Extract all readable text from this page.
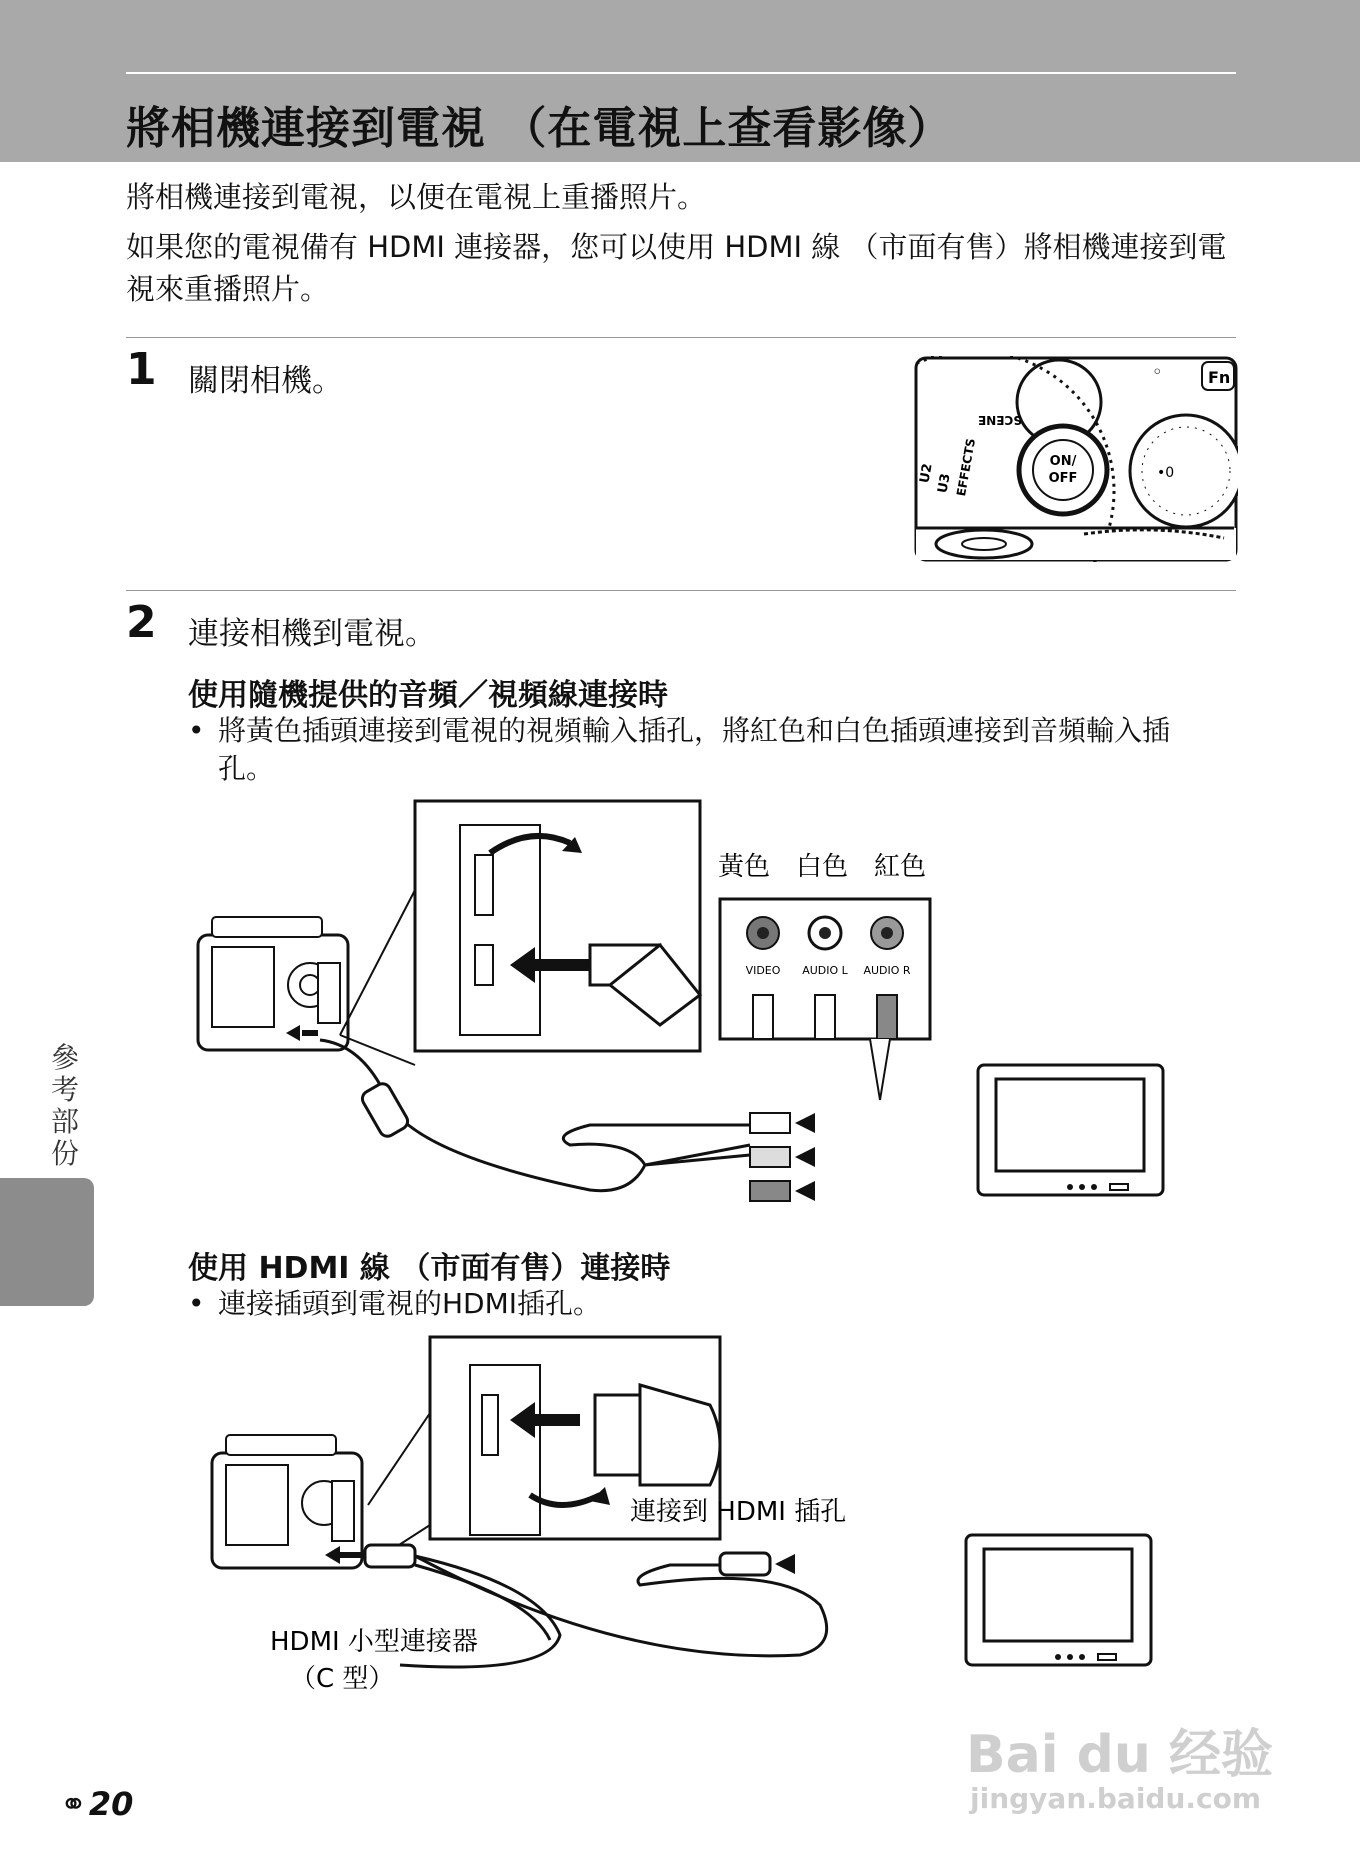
將相機連接到電視 （在電視上查看影像）
將相機連接到電視，以便在電視上重播照片。
如果您的電視備有 HDMI 連接器，您可以使用 HDMI 線 （市面有售）將相機連接到電視來重播照片。
1 關閉相機。
ON/
OFF
SCENE
EFFECTS
U3
U2	•0
Fn
◦
2 連接相機到電視。
使用隨機提供的音頻／視頻線連接時
• 將黃色插頭連接到電視的視頻輸入插孔，將紅色和白色插頭連接到音頻輸入插孔。
黃色 白色 紅色
VIDEO AUDIO L AUDIO R
使用 HDMI 線 （市面有售）連接時
• 連接插頭到電視的HDMI插孔。
連接到 HDMI 插孔
HDMI 小型連接器
（C 型）
參考部份
⚭20
Bai du 经验
jingyan.baidu.com
